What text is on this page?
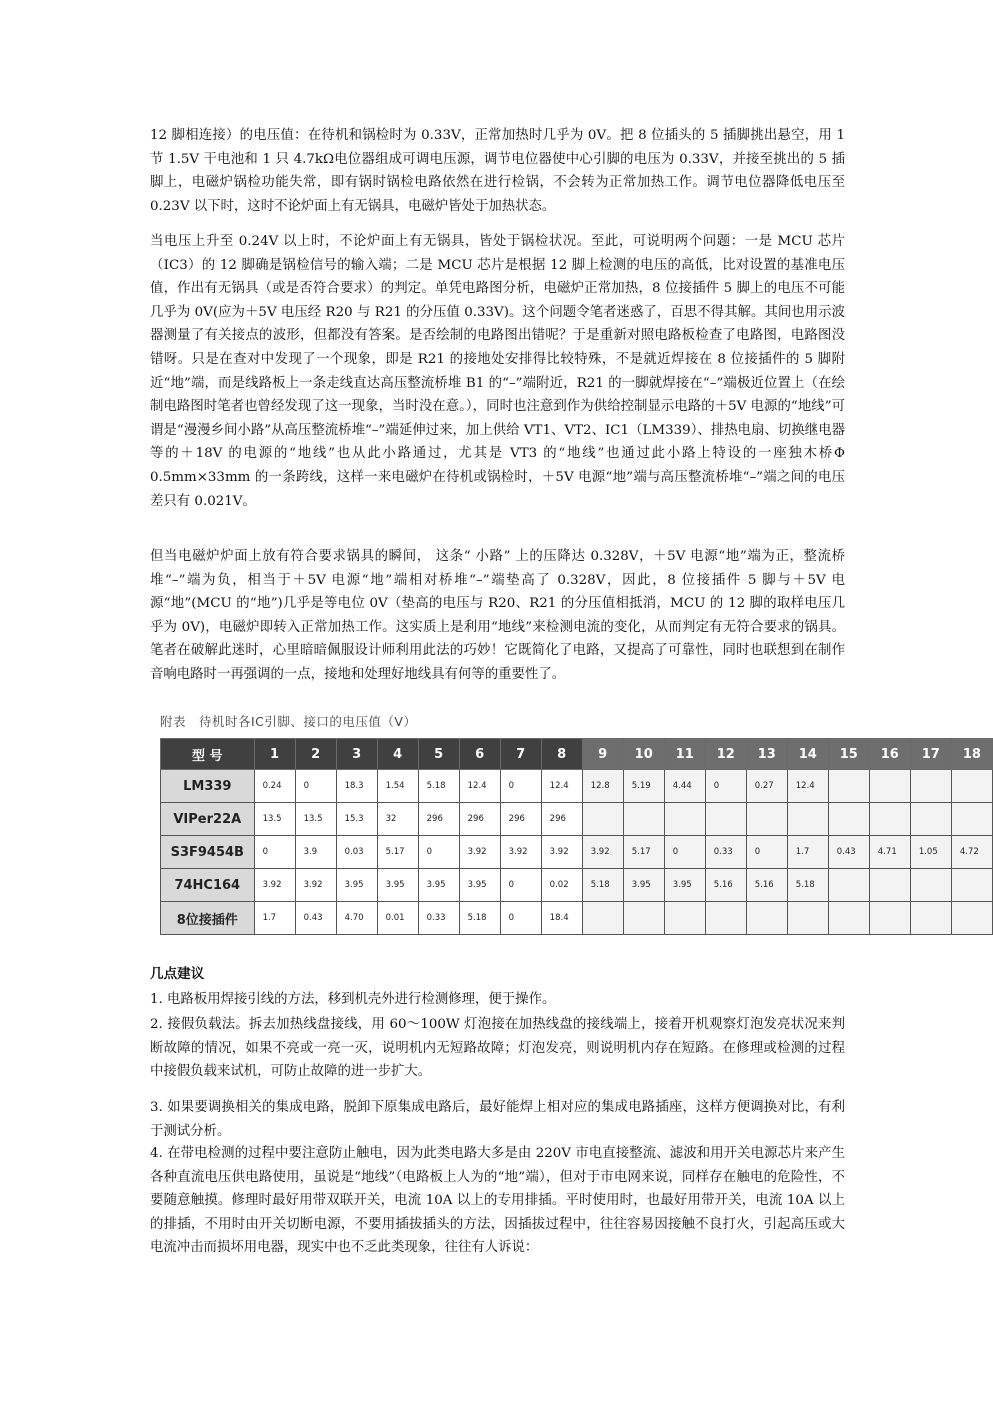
12 脚相连接）的电压值：在待机和锅检时为 0.33V，正常加热时几乎为 0V。把 8 位插头的 5 插脚挑出悬空，用 1 节 1.5V 干电池和 1 只 4.7kΩ电位器组成可调电压源，调节电位器使中心引脚的电压为 0.33V，并接至挑出的 5 插脚上，电磁炉锅检功能失常，即有锅时锅检电路依然在进行检锅，不会转为正常加热工作。调节电位器降低电压至 0.23V 以下时，这时不论炉面上有无锅具，电磁炉皆处于加热状态。

当电压上升至 0.24V 以上时，不论炉面上有无锅具，皆处于锅检状况。至此，可说明两个问题：一是 MCU 芯片（IC3）的 12 脚确是锅检信号的输入端；二是 MCU 芯片是根据 12 脚上检测的电压的高低，比对设置的基准电压值，作出有无锅具（或是否符合要求）的判定。单凭电路图分析，电磁炉正常加热，8 位接插件 5 脚上的电压不可能几乎为 0V(应为＋5V 电压经 R20 与 R21 的分压值 0.33V)。这个问题令笔者迷惑了，百思不得其解。其间也用示波器测量了有关接点的波形，但都没有答案。是否绘制的电路图出错呢？于是重新对照电路板检查了电路图，电路图没错呀。只是在查对中发现了一个现象，即是 R21 的接地处安排得比较特殊，不是就近焊接在 8 位接插件的 5 脚附近“地”端，而是线路板上一条走线直达高压整流桥堆 B1 的“–”端附近，R21 的一脚就焊接在“–”端极近位置上（在绘制电路图时笔者也曾经发现了这一现象，当时没在意。），同时也注意到作为供给控制显示电路的＋5V 电源的“地线”可谓是“漫漫乡间小路”从高压整流桥堆“–”端延伸过来，加上供给 VT1、VT2、IC1（LM339）、排热电扇、切换继电器等的＋18V 的电源的“地线”也从此小路通过，尤其是 VT3 的“地线”也通过此小路上特设的一座独木桥Φ 0.5mm×33mm 的一条跨线，这样一来电磁炉在待机或锅检时，＋5V 电源“地”端与高压整流桥堆“–”端之间的电压差只有 0.021V。

但当电磁炉炉面上放有符合要求锅具的瞬间， 这条“ 小路” 上的压降达 0.328V，＋5V 电源“地”端为正，整流桥堆“–”端为负，相当于＋5V 电源“地”端相对桥堆“–”端垫高了 0.328V，因此，8 位接插件 5 脚与＋5V 电源“地”(MCU 的“地”)几乎是等电位 0V（垫高的电压与 R20、R21 的分压值相抵消，MCU 的 12 脚的取样电压几乎为 0V)，电磁炉即转入正常加热工作。这实质上是利用“地线”来检测电流的变化，从而判定有无符合要求的锅具。笔者在破解此迷时，心里暗暗佩服设计师利用此法的巧妙！它既简化了电路，又提高了可靠性，同时也联想到在制作音响电路时一再强调的一点，接地和处理好地线具有何等的重要性了。

附表　待机时各IC引脚、接口的电压值（V）
型 号	1	2	3	4	5	6	7	8	9	10	11	12	13	14	15	16	17	18
LM339	0.24	0	18.3	1.54	5.18	12.4	0	12.4	12.8	5.19	4.44	0	0.27	12.4				
VIPer22A	13.5	13.5	15.3	32	296	296	296	296										
S3F9454B	0	3.9	0.03	5.17	0	3.92	3.92	3.92	3.92	5.17	0	0.33	0	1.7	0.43	4.71	1.05	4.72
74HC164	3.92	3.92	3.95	3.95	3.95	3.95	0	0.02	5.18	3.95	3.95	5.16	5.16	5.18				
8位接插件	1.7	0.43	4.70	0.01	0.33	5.18	0	18.4										
几点建议

1. 电路板用焊接引线的方法，移到机壳外进行检测修理，便于操作。

2. 接假负载法。拆去加热线盘接线，用 60～100W 灯泡接在加热线盘的接线端上，接着开机观察灯泡发亮状况来判断故障的情况，如果不亮或一亮一灭，说明机内无短路故障；灯泡发亮，则说明机内存在短路。在修理或检测的过程中接假负载来试机，可防止故障的进一步扩大。

3. 如果要调换相关的集成电路，脱卸下原集成电路后，最好能焊上相对应的集成电路插座，这样方便调换对比，有利于测试分析。

4. 在带电检测的过程中要注意防止触电，因为此类电路大多是由 220V 市电直接整流、滤波和用开关电源芯片来产生各种直流电压供电路使用，虽说是“地线”（电路板上人为的“地”端），但对于市电网来说，同样存在触电的危险性，不要随意触摸。修理时最好用带双联开关，电流 10A 以上的专用排插。平时使用时，也最好用带开关，电流 10A 以上的排插，不用时由开关切断电源，不要用插拔插头的方法，因插拔过程中，往往容易因接触不良打火，引起高压或大电流冲击而损坏用电器，现实中也不乏此类现象，往往有人诉说：
